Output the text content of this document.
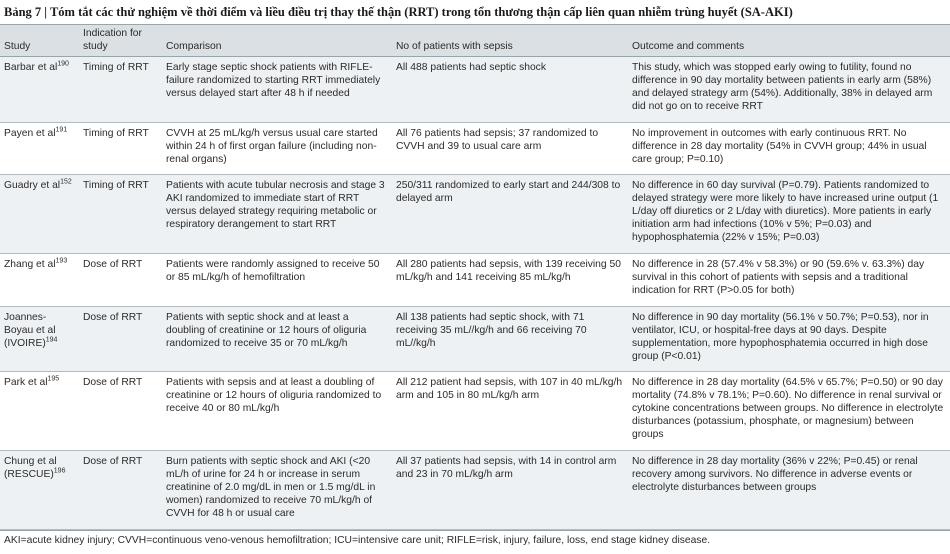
Bảng 7 | Tóm tắt các thử nghiệm về thời điểm và liều điều trị thay thế thận (RRT) trong tổn thương thận cấp liên quan nhiễm trùng huyết (SA-AKI)
Study	Indication for study	Comparison	No of patients with sepsis	Outcome and comments
Barbar et $al^{190}$	Timing of RRT	Early stage septic shock patients with RIFLE-failure randomized to starting RRT immediately versus delayed start after 48 h if needed	All 488 patients had septic shock	This study, which was stopped early owing to futility, found no difference in 90 day mortality between patients in early arm (58%) and delayed strategy arm (54%). Additionally, 38% in delayed arm did not go on to receive RRT
Payen et $al^{191}$	Timing of RRT	CVVH at 25 mL/kg/h versus usual care started within 24 h of first organ failure (including non-renal organs)	All 76 patients had sepsis; 37 randomized to CVVH and 39 to usual care arm	No improvement in outcomes with early continuous RRT. No difference in 28 day mortality (54% in CVVH group; 44% in usual care group; P=0.10)
Guadry et $al^{152}$	Timing of RRT	Patients with acute tubular necrosis and stage 3 AKI randomized to immediate start of RRT versus delayed strategy requiring metabolic or respiratory derangement to start RRT	250/311 randomized to early start and 244/308 to delayed arm	No difference in 60 day survival (P=0.79). Patients randomized to delayed strategy were more likely to have increased urine output (1 L/day off diuretics or 2 L/day with diuretics). More patients in early initiation arm had infections (10% v 5%; P=0.03) and hypophosphatemia (22% v 15%; P=0.03)
Zhang et $al^{193}$	Dose of RRT	Patients were randomly assigned to receive 50 or 85 mL/kg/h of hemofiltration	All 280 patients had sepsis, with 139 receiving 50 mL/kg/h and 141 receiving 85 mL/kg/h	No difference in 28 (57.4% v 58.3%) or 90 (59.6% v. 63.3%) day survival in this cohort of patients with sepsis and a traditional indication for RRT (P>0.05 for both)
Joannes-Boyau et al (IVOIRE)$^{194}$	Dose of RRT	Patients with septic shock and at least a doubling of creatinine or 12 hours of oliguria randomized to receive 35 or 70 mL/kg/h	All 138 patients had septic shock, with 71 receiving 35 mL//kg/h and 66 receiving 70 mL//kg/h	No difference in 90 day mortality (56.1% v 50.7%; P=0.53), nor in ventilator, ICU, or hospital-free days at 90 days. Despite supplementation, more hypophosphatemia occurred in high dose group (P<0.01)
Park et $al^{195}$	Dose of RRT	Patients with sepsis and at least a doubling of creatinine or 12 hours of oliguria randomized to receive 40 or 80 mL/kg/h	All 212 patient had sepsis, with 107 in 40 mL/kg/h arm and 105 in 80 mL/kg/h arm	No difference in 28 day mortality (64.5% v 65.7%; P=0.50) or 90 day mortality (74.8% v 78.1%; P=0.60). No difference in renal survival or cytokine concentrations between groups. No difference in electrolyte disturbances (potassium, phosphate, or magnesium) between groups
Chung et al (RESCUE)$^{196}$	Dose of RRT	Burn patients with septic shock and AKI (<20 mL/h of urine for 24 h or increase in serum creatinine of 2.0 mg/dL in men or 1.5 mg/dL in women) randomized to receive 70 mL/kg/h of CVVH for 48 h or usual care	All 37 patients had sepsis, with 14 in control arm and 23 in 70 mL/kg/h arm	No difference in 28 day mortality (36% v 22%; P=0.45) or renal recovery among survivors. No difference in adverse events or electrolyte disturbances between groups
AKI=acute kidney injury; CVVH=continuous veno-venous hemofiltration; ICU=intensive care unit; RIFLE=risk, injury, failure, loss, end stage kidney disease.
